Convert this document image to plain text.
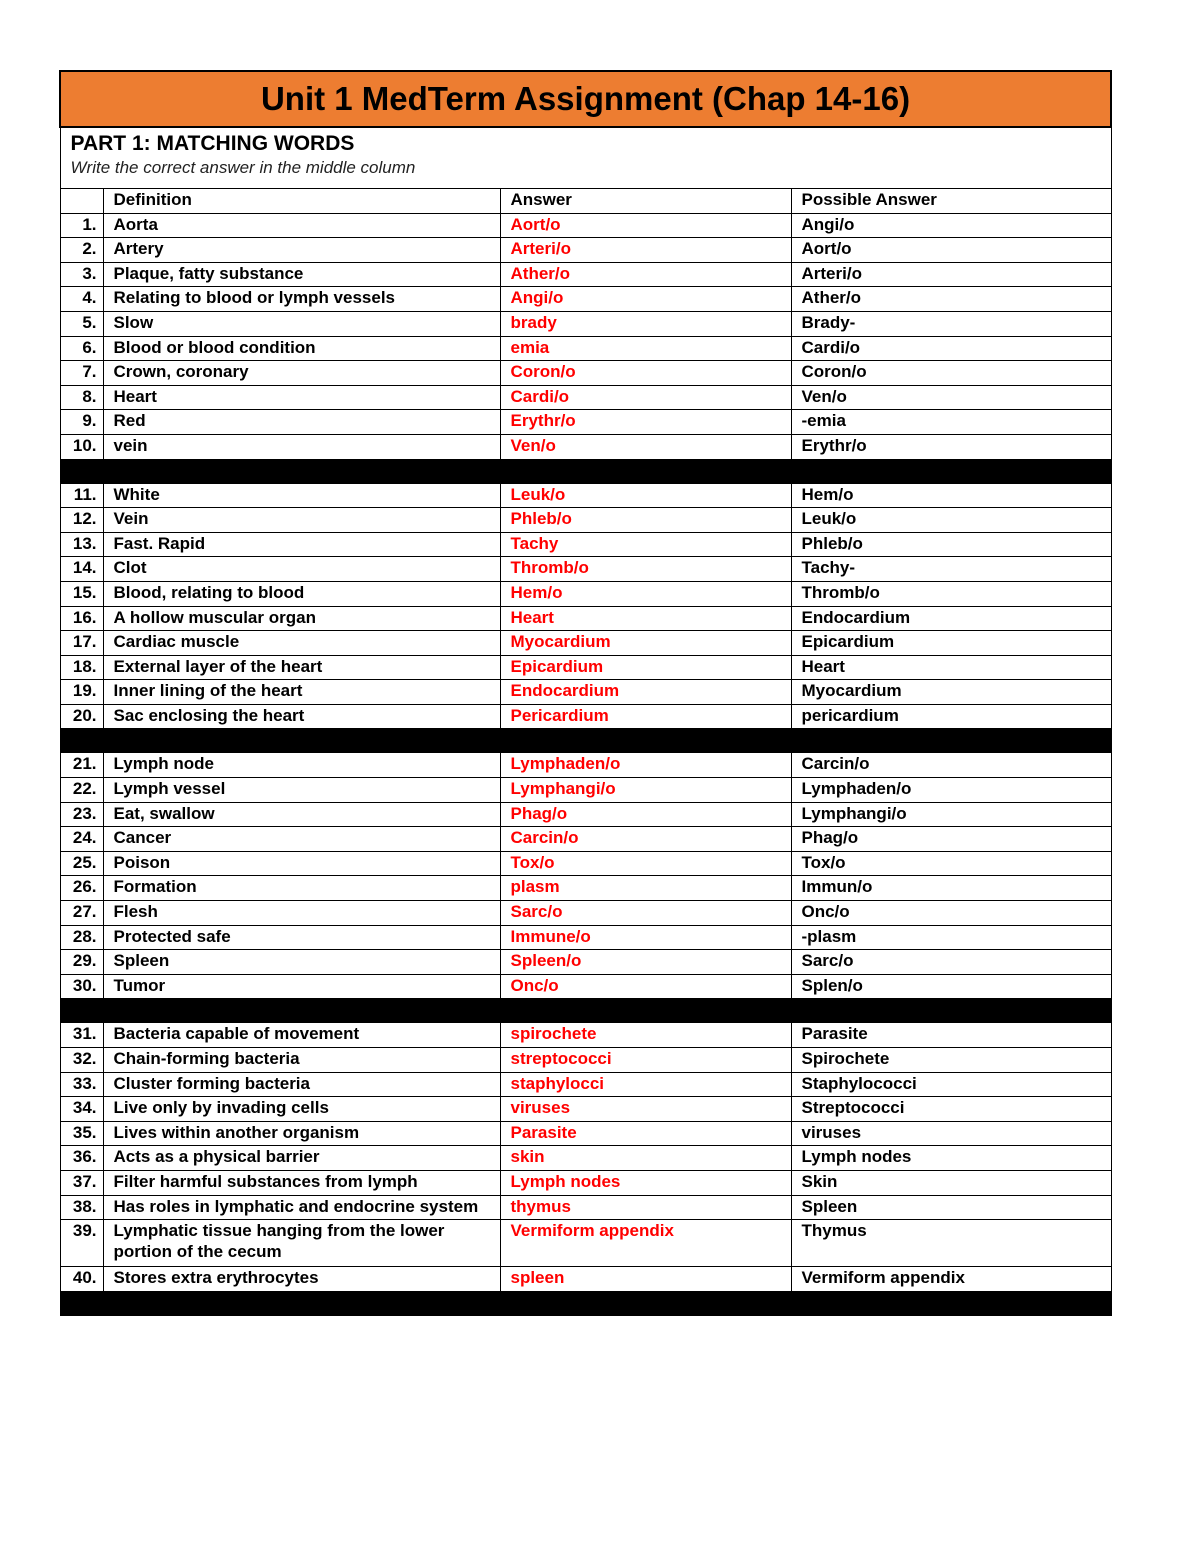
Unit 1 MedTerm Assignment (Chap 14-16)			

PART 1: MATCHING WORDS
Write the correct answer in the middle column			

	Definition	Answer	Possible Answer
1.	Aorta	Aort/o	Angi/o
2.	Artery	Arteri/o	Aort/o
3.	Plaque, fatty substance	Ather/o	Arteri/o
4.	Relating to blood or lymph vessels	Angi/o	Ather/o
5.	Slow	brady	Brady-
6.	Blood or blood condition	emia	Cardi/o
7.	Crown, coronary	Coron/o	Coron/o
8.	Heart	Cardi/o	Ven/o
9.	Red	Erythr/o	-emia
10.	vein	Ven/o	Erythr/o

11.	White	Leuk/o	Hem/o
12.	Vein	Phleb/o	Leuk/o
13.	Fast. Rapid	Tachy	Phleb/o
14.	Clot	Thromb/o	Tachy-
15.	Blood, relating to blood	Hem/o	Thromb/o
16.	A hollow muscular organ	Heart	Endocardium
17.	Cardiac muscle	Myocardium	Epicardium
18.	External layer of the heart	Epicardium	Heart
19.	Inner lining of the heart	Endocardium	Myocardium
20.	Sac enclosing the heart	Pericardium	pericardium

21.	Lymph node	Lymphaden/o	Carcin/o
22.	Lymph vessel	Lymphangi/o	Lymphaden/o
23.	Eat, swallow	Phag/o	Lymphangi/o
24.	Cancer	Carcin/o	Phag/o
25.	Poison	Tox/o	Tox/o
26.	Formation	plasm	Immun/o
27.	Flesh	Sarc/o	Onc/o
28.	Protected safe	Immune/o	-plasm
29.	Spleen	Spleen/o	Sarc/o
30.	Tumor	Onc/o	Splen/o

31.	Bacteria capable of movement	spirochete	Parasite
32.	Chain-forming bacteria	streptococci	Spirochete
33.	Cluster forming bacteria	staphylocci	Staphylococci
34.	Live only by invading cells	viruses	Streptococci
35.	Lives within another organism	Parasite	viruses
36.	Acts as a physical barrier	skin	Lymph nodes
37.	Filter harmful substances from lymph	Lymph nodes	Skin
38.	Has roles in lymphatic and endocrine system	thymus	Spleen
39.	Lymphatic tissue hanging from the lower portion of the cecum	Vermiform appendix	Thymus
40.	Stores extra erythrocytes	spleen	Vermiform appendix
